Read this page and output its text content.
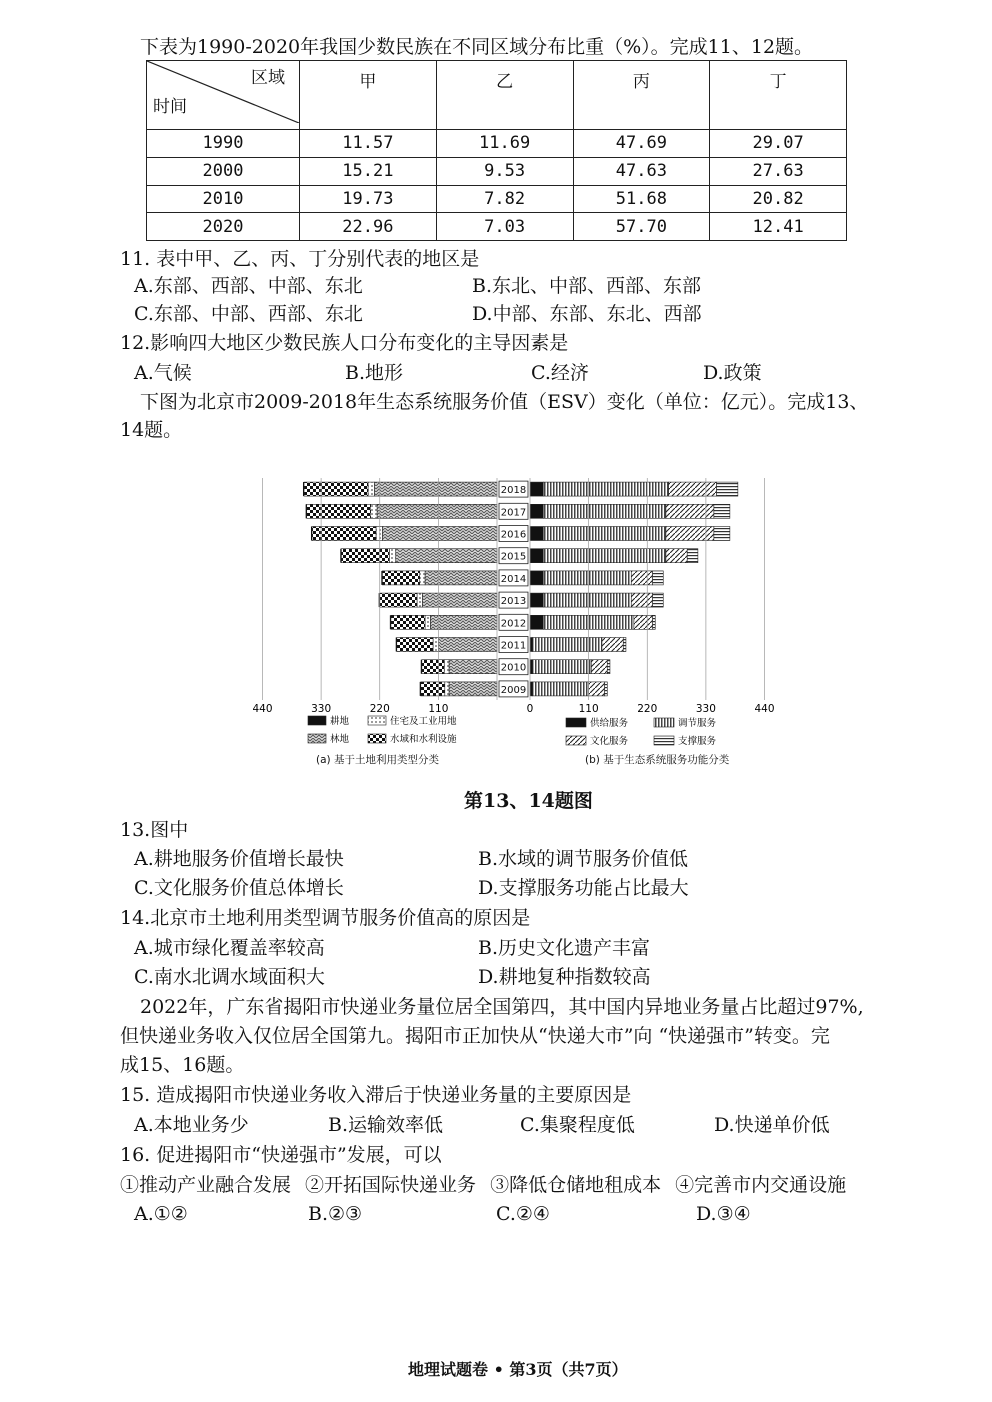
下表为1990-2020年我国少数民族在不同区域分布比重（%）。完成11、12题。
区域
时间	甲	乙	丙	丁
1990	11.57	11.69	47.69	29.07
2000	15.21	9.53	47.63	27.63
2010	19.73	7.82	51.68	20.82
2020	22.96	7.03	57.70	12.41
11. 表中甲、乙、丙、丁分别代表的地区是
A.东部、西部、中部、东北	B.东北、中部、西部、东部
C.东部、中部、西部、东北	D.中部、东部、东北、西部
12.影响四大地区少数民族人口分布变化的主导因素是
A.气候	B.地形	C.经济	D.政策
下图为北京市2009-2018年生态系统服务价值（ESV）变化（单位：亿元）。完成13、
14题。
2018
2017
2016
2015
2014
2013
2012
2011
2010
2009
440	330	220	110	0	110	220	330	440
耕地
林地
住宅及工业用地
水域和水利设施
供给服务	调节服务
文化服务	支撑服务
(a) 基于土地利用类型分类	(b) 基于生态系统服务功能分类
第13、14题图
13.图中
A.耕地服务价值增长最快	B.水域的调节服务价值低
C.文化服务价值总体增长	D.支撑服务功能占比最大
14.北京市土地利用类型调节服务价值高的原因是
A.城市绿化覆盖率较高	B.历史文化遗产丰富
C.南水北调水域面积大	D.耕地复种指数较高
2022年，广东省揭阳市快递业务量位居全国第四，其中国内异地业务量占比超过97%,
但快递业务收入仅位居全国第九。揭阳市正加快从“快递大市”向 “快递强市”转变。完
成15、16题。
15. 造成揭阳市快递业务收入滞后于快递业务量的主要原因是
A.本地业务少	B.运输效率低	C.集聚程度低	D.快递单价低
16. 促进揭阳市“快递强市”发展，可以
①推动产业融合发展 ②开拓国际快递业务 ③降低仓储地租成本 ④完善市内交通设施
A.①②	B.②③	C.②④	D.③④
地理试题卷 • 第3页（共7页）
